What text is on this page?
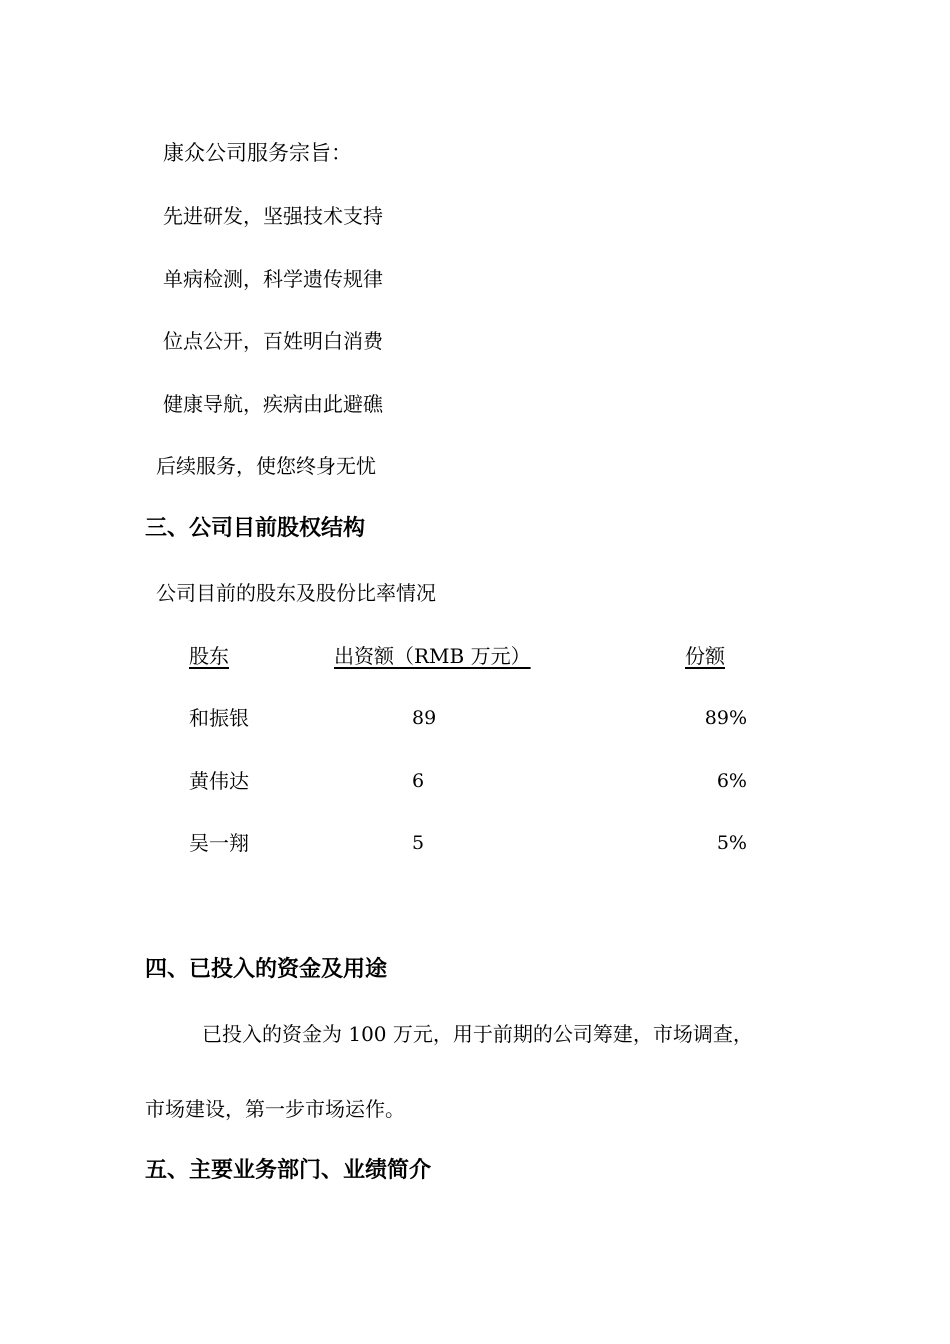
康众公司服务宗旨：
先进研发，坚强技术支持
单病检测，科学遗传规律
位点公开，百姓明白消费
健康导航，疾病由此避礁
后续服务，使您终身无忧
三、公司目前股权结构
公司目前的股东及股份比率情况
股东	出资额（RMB 万元）	份额
和振银	89	89%
黄伟达	6	6%
吴一翔	5	5%
四、已投入的资金及用途
已投入的资金为 100 万元，用于前期的公司筹建，市场调查，
市场建设，第一步市场运作。
五、主要业务部门、业绩简介
